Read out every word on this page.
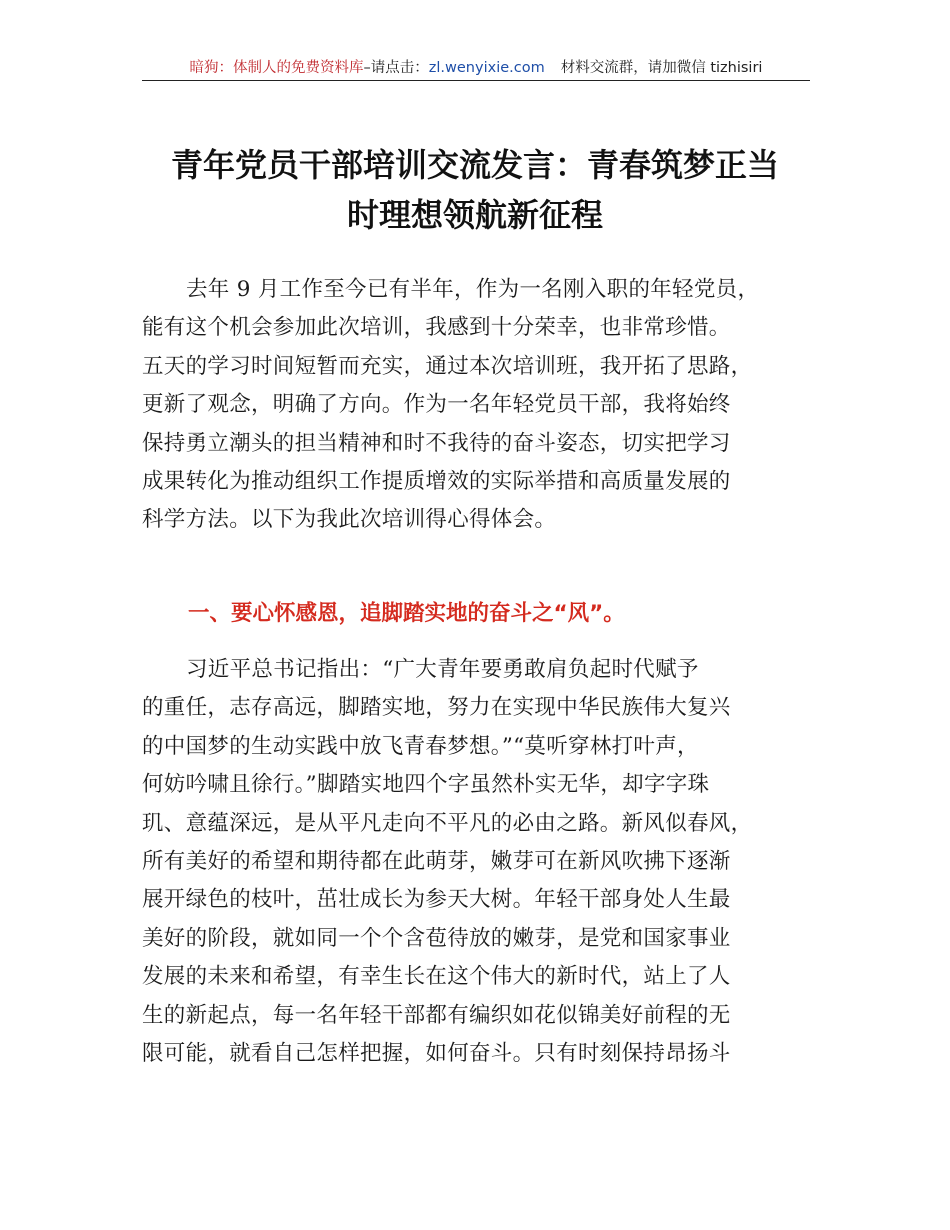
暗狗：体制人的免费资料库–请点击：zl.wenyixie.com 材料交流群，请加微信 tizhisiri
青年党员干部培训交流发言：青春筑梦正当
时理想领航新征程
去年 9 月工作至今已有半年，作为一名刚入职的年轻党员，
能有这个机会参加此次培训，我感到十分荣幸，也非常珍惜。
五天的学习时间短暂而充实，通过本次培训班，我开拓了思路，
更新了观念，明确了方向。作为一名年轻党员干部，我将始终
保持勇立潮头的担当精神和时不我待的奋斗姿态，切实把学习
成果转化为推动组织工作提质增效的实际举措和高质量发展的
科学方法。以下为我此次培训得心得体会。
一、要心怀感恩，追脚踏实地的奋斗之“风”。
习近平总书记指出：“广大青年要勇敢肩负起时代赋予
的重任，志存高远，脚踏实地，努力在实现中华民族伟大复兴
的中国梦的生动实践中放飞青春梦想。”“莫听穿林打叶声，
何妨吟啸且徐行。”脚踏实地四个字虽然朴实无华，却字字珠
玑、意蕴深远，是从平凡走向不平凡的必由之路。新风似春风，
所有美好的希望和期待都在此萌芽，嫩芽可在新风吹拂下逐渐
展开绿色的枝叶，茁壮成长为参天大树。年轻干部身处人生最
美好的阶段，就如同一个个含苞待放的嫩芽，是党和国家事业
发展的未来和希望，有幸生长在这个伟大的新时代，站上了人
生的新起点，每一名年轻干部都有编织如花似锦美好前程的无
限可能，就看自己怎样把握，如何奋斗。只有时刻保持昂扬斗
